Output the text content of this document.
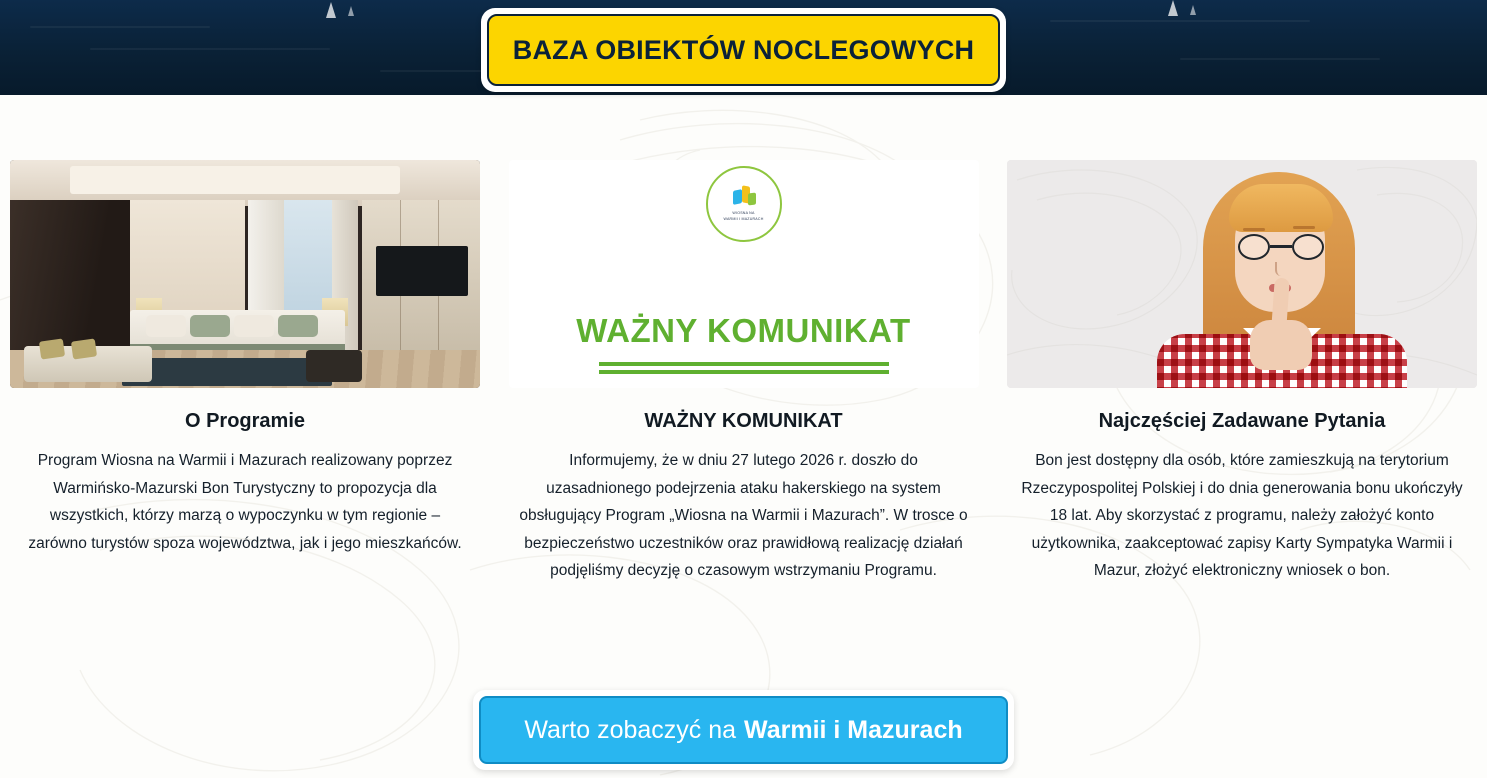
BAZA OBIEKTÓW NOCLEGOWYCH
O Programie
Program Wiosna na Warmii i Mazurach realizowany poprzez Warmińsko-Mazurski Bon Turystyczny to propozycja dla wszystkich, którzy marzą o wypoczynku w tym regionie – zarówno turystów spoza województwa, jak i jego mieszkańców.
WIOSNA NA
WARMII I MAZURACH
WAŻNY KOMUNIKAT
WAŻNY KOMUNIKAT
Informujemy, że w dniu 27 lutego 2026 r. doszło do uzasadnionego podejrzenia ataku hakerskiego na system obsługujący Program „Wiosna na Warmii i Mazurach”. W trosce o bezpieczeństwo uczestników oraz prawidłową realizację działań podjęliśmy decyzję o czasowym wstrzymaniu Programu.
Najczęściej Zadawane Pytania
Bon jest dostępny dla osób, które zamieszkują na terytorium Rzeczypospolitej Polskiej i do dnia generowania bonu ukończyły 18 lat. Aby skorzystać z programu, należy założyć konto użytkownika, zaakceptować zapisy Karty Sympatyka Warmii i Mazur, złożyć elektroniczny wniosek o bon.
Warto zobaczyć na Warmii i Mazurach
